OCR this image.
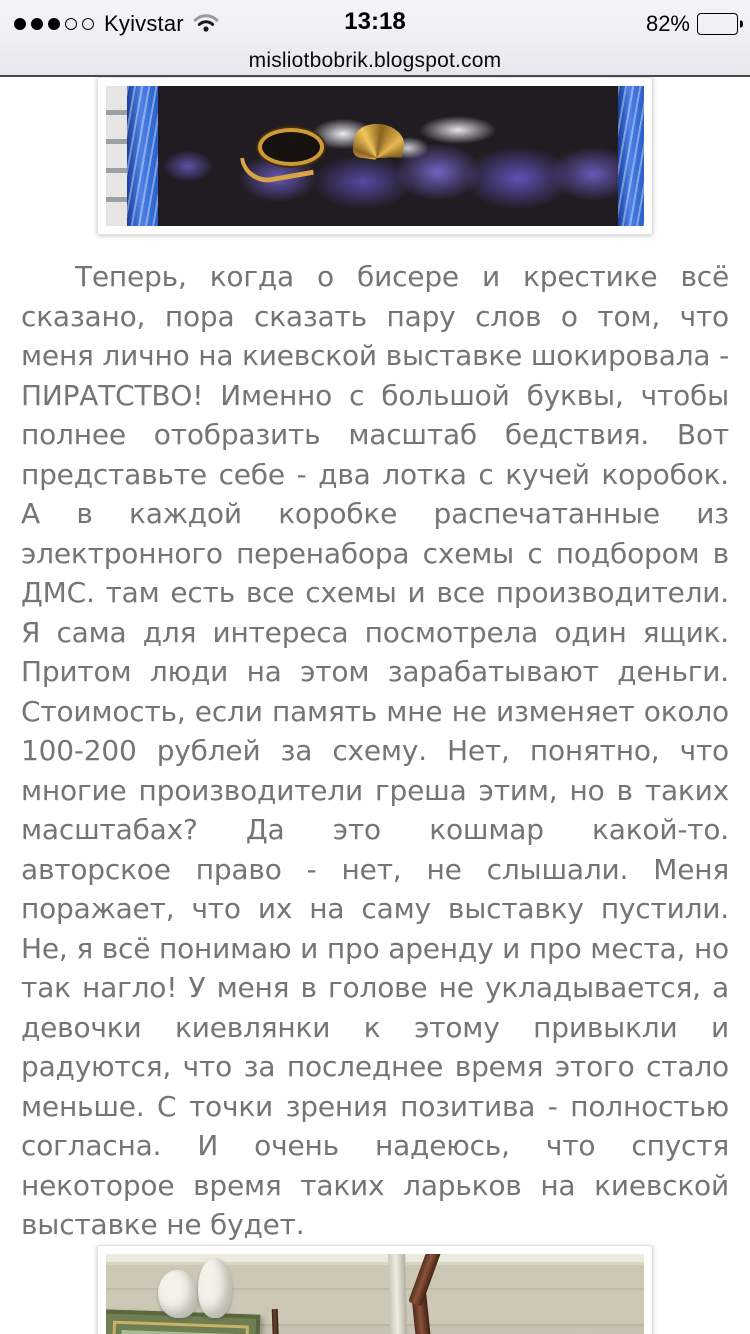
Kyivstar	13:18	82%
misliotbobrik.blogspot.com

Теперь, когда о бисере и крестике всё сказано, пора сказать пару слов о том, что меня лично на киевской выставке шокировала - ПИРАТСТВО! Именно с большой буквы, чтобы полнее отобразить масштаб бедствия. Вот представьте себе - два лотка с кучей коробок. А в каждой коробке распечатанные из электронного перенабора схемы с подбором в ДМС. там есть все схемы и все производители. Я сама для интереса посмотрела один ящик. Притом люди на этом зарабатывают деньги. Стоимость, если память мне не изменяет около 100-200 рублей за схему. Нет, понятно, что многие производители греша этим, но в таких масштабах? Да это кошмар какой-то. авторское право - нет, не слышали. Меня поражает, что их на саму выставку пустили. Не, я всё понимаю и про аренду и про места, но так нагло! У меня в голове не укладывается, а девочки киевлянки к этому привыкли и радуются, что за последнее время этого стало меньше. С точки зрения позитива - полностью согласна. И очень надеюсь, что спустя некоторое время таких ларьков на киевской выставке не будет.
